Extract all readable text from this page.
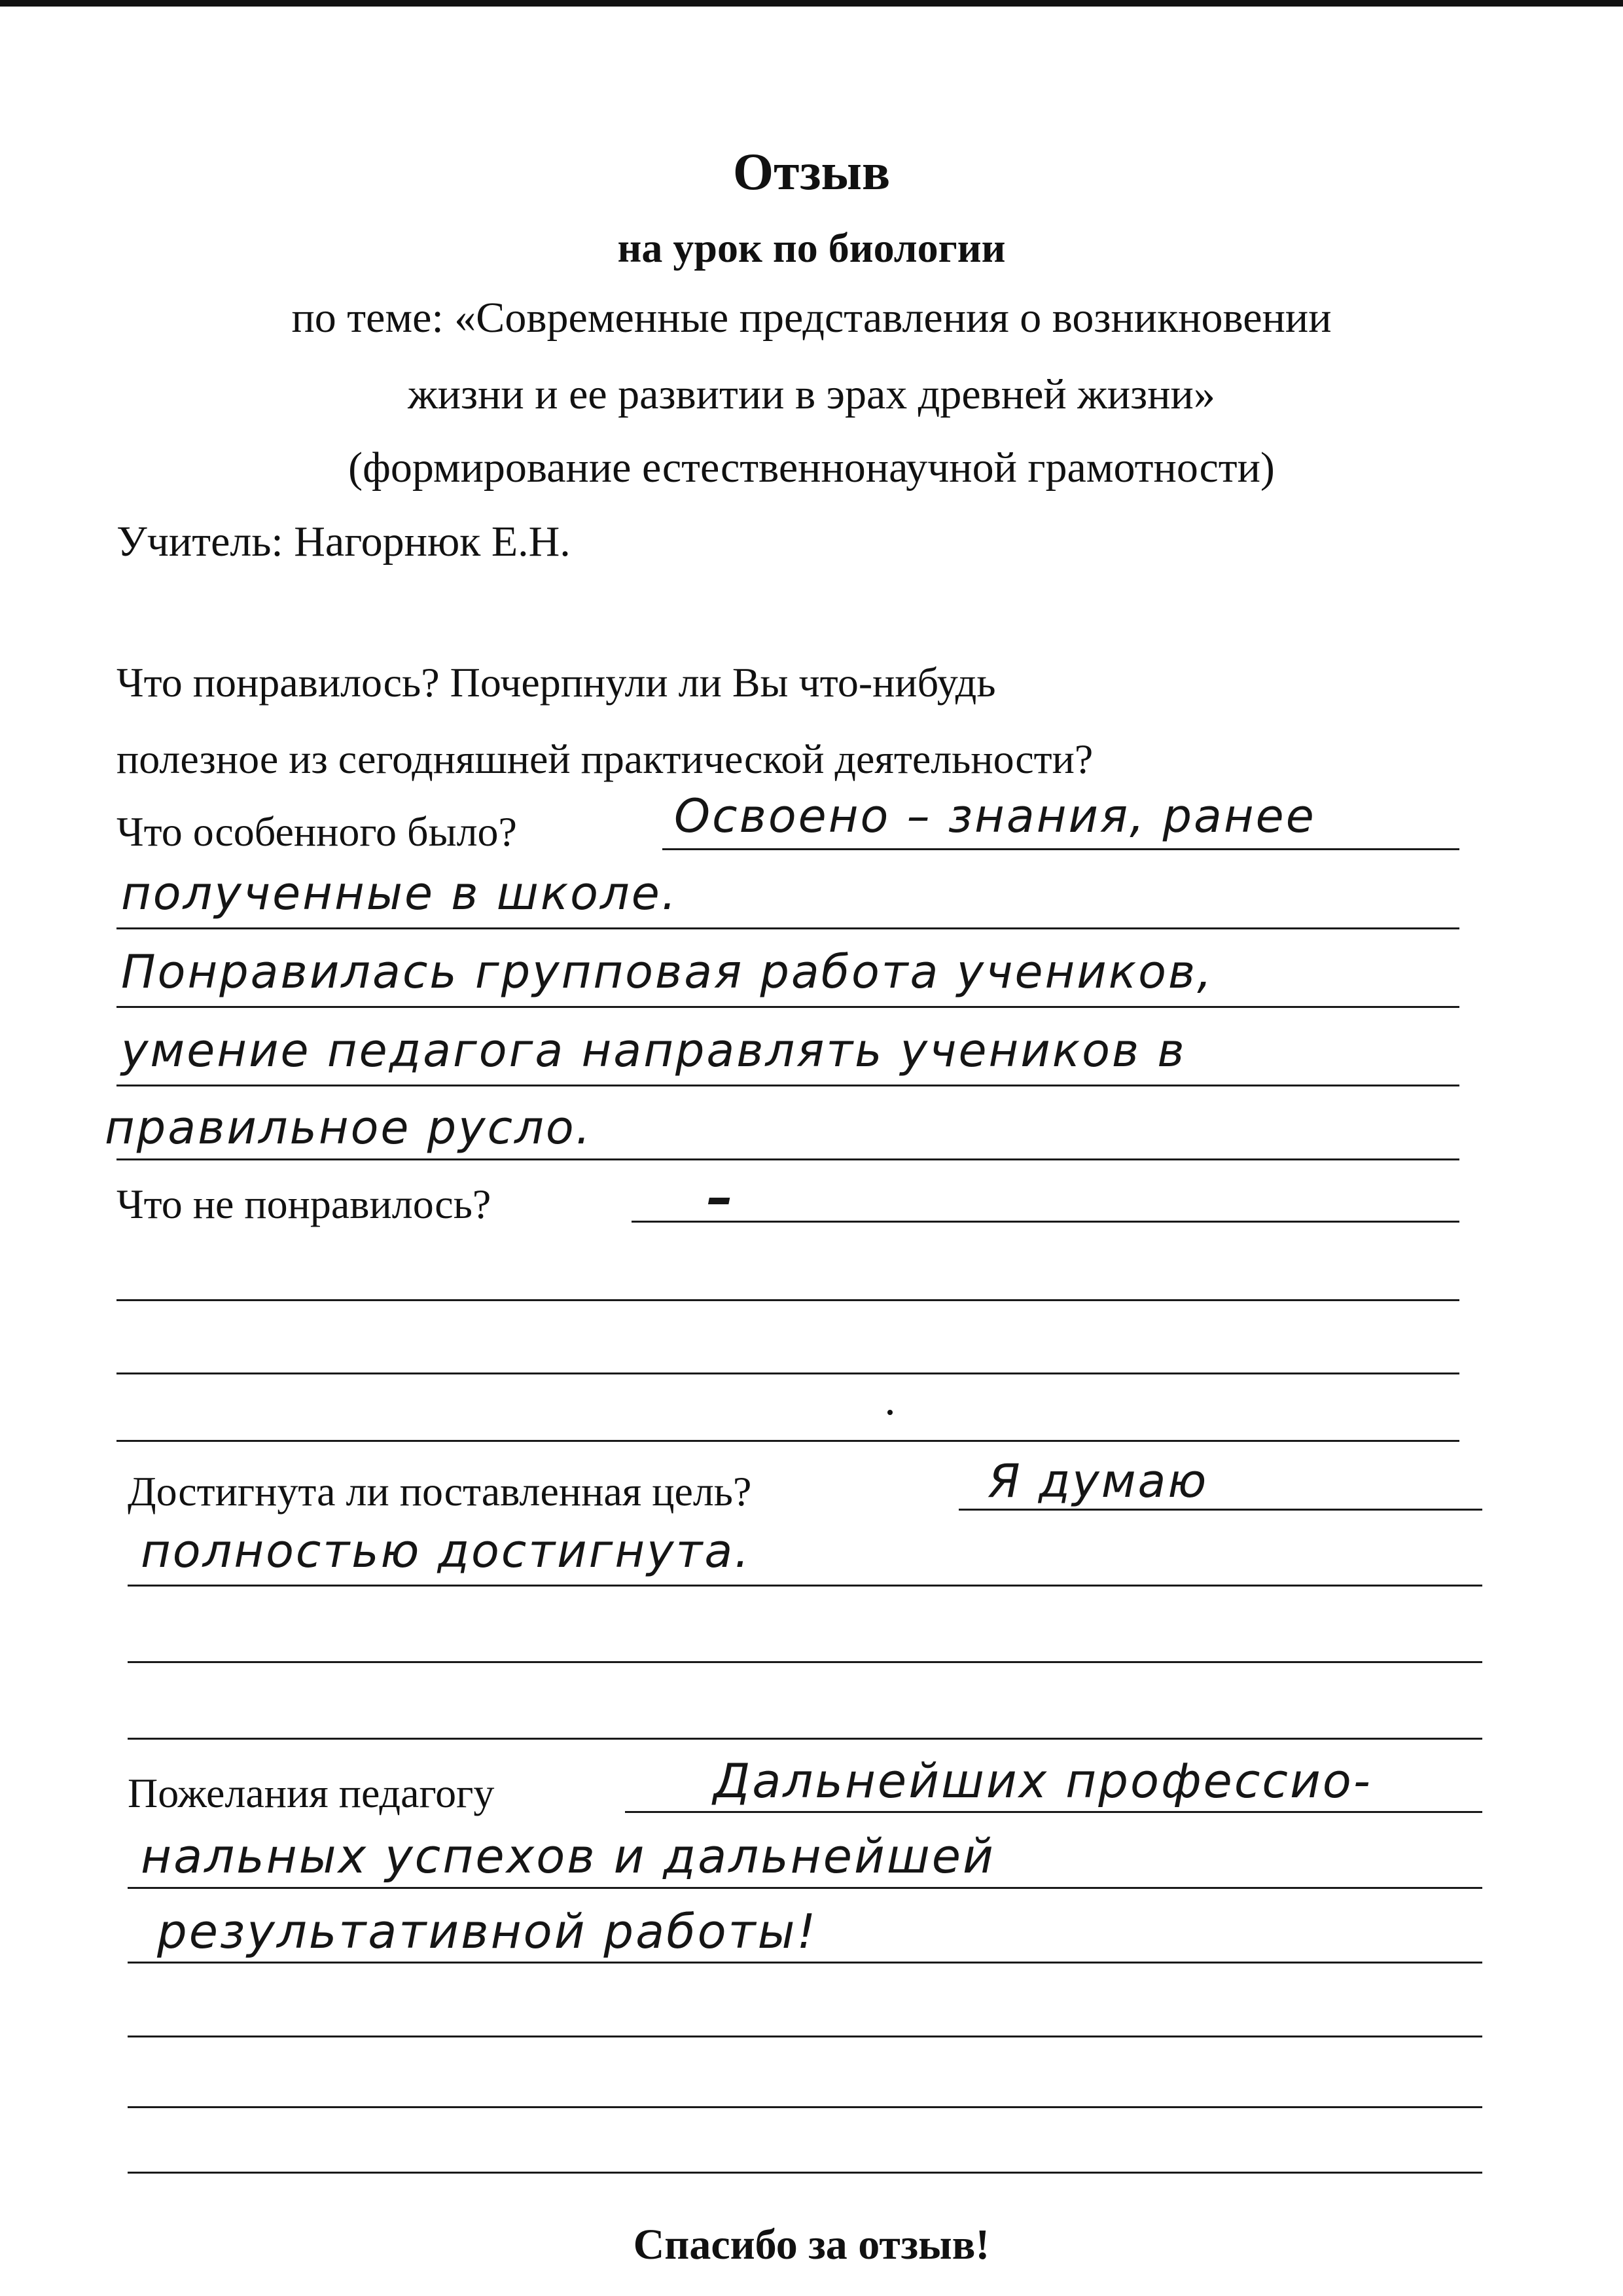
Отзыв
на урок по биологии
по теме: «Современные представления о возникновении
жизни и ее развитии в эрах древней жизни»
(формирование естественнонаучной грамотности)
Учитель: Нагорнюк Е.Н.
Что понравилось? Почерпнули ли Вы что-нибудь
полезное из сегодняшней практической деятельности?
Что особенного было?	Освоено – знания, ранее
полученные в школе.
Понравилась групповая работа учеников,
умение педагога направлять учеников в
правильное русло.
Что не понравилось?	–
Достигнута ли поставленная цель?	Я думаю
полностью достигнута.
Пожелания педагогу	Дальнейших профессио-
нальных успехов и дальнейшей
результативной работы!
Спасибо за отзыв!
